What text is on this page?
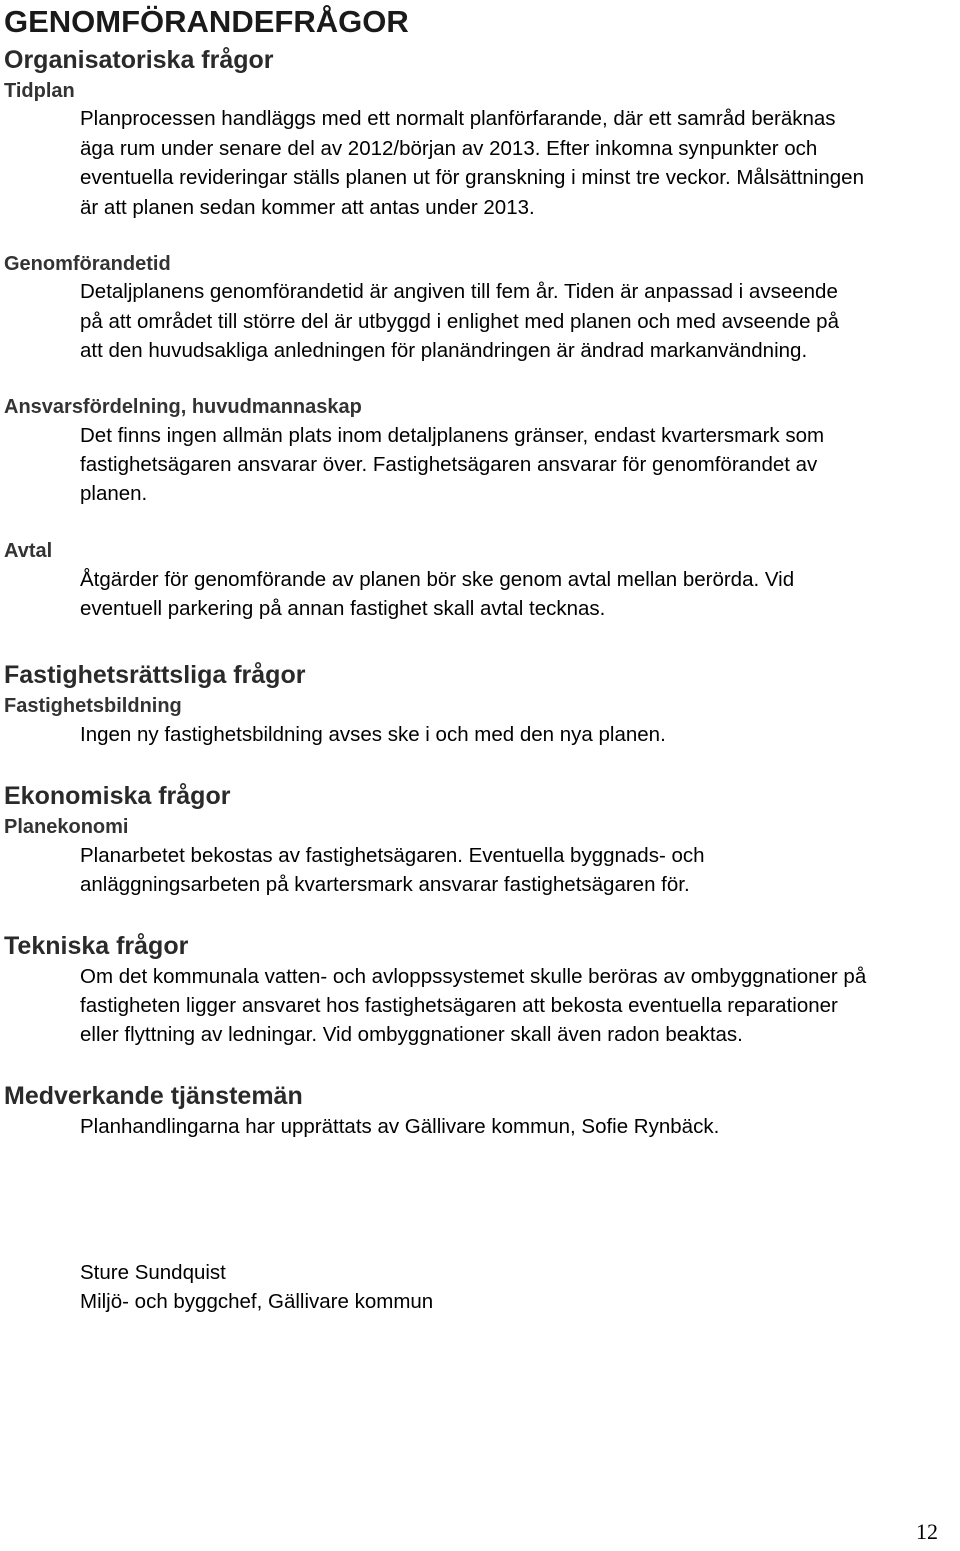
GENOMFÖRANDEFRÅGOR
Organisatoriska frågor
Tidplan

Planprocessen handläggs med ett normalt planförfarande, där ett samråd beräknas

äga rum under senare del av 2012/början av 2013. Efter inkomna synpunkter och

eventuella revideringar ställs planen ut för granskning i minst tre veckor. Målsättningen

är att planen sedan kommer att antas under 2013.

Genomförandetid

Detaljplanens genomförandetid är angiven till fem år. Tiden är anpassad i avseende

på att området till större del är utbyggd i enlighet med planen och med avseende på

att den huvudsakliga anledningen för planändringen är ändrad markanvändning.

Ansvarsfördelning, huvudmannaskap

Det finns ingen allmän plats inom detaljplanens gränser, endast kvartersmark som

fastighetsägaren ansvarar över. Fastighetsägaren ansvarar för genomförandet av

planen.

Avtal

Åtgärder för genomförande av planen bör ske genom avtal mellan berörda. Vid

eventuell parkering på annan fastighet skall avtal tecknas.

Fastighetsrättsliga frågor
Fastighetsbildning

Ingen ny fastighetsbildning avses ske i och med den nya planen.

Ekonomiska frågor
Planekonomi

Planarbetet bekostas av fastighetsägaren. Eventuella byggnads- och

anläggningsarbeten på kvartersmark ansvarar fastighetsägaren för.

Tekniska frågor

Om det kommunala vatten- och avloppssystemet skulle beröras av ombyggnationer på

fastigheten ligger ansvaret hos fastighetsägaren att bekosta eventuella reparationer

eller flyttning av ledningar. Vid ombyggnationer skall även radon beaktas.

Medverkande tjänstemän

Planhandlingarna har upprättats av Gällivare kommun, Sofie Rynbäck.

Sture Sundquist

Miljö- och byggchef, Gällivare kommun

12
